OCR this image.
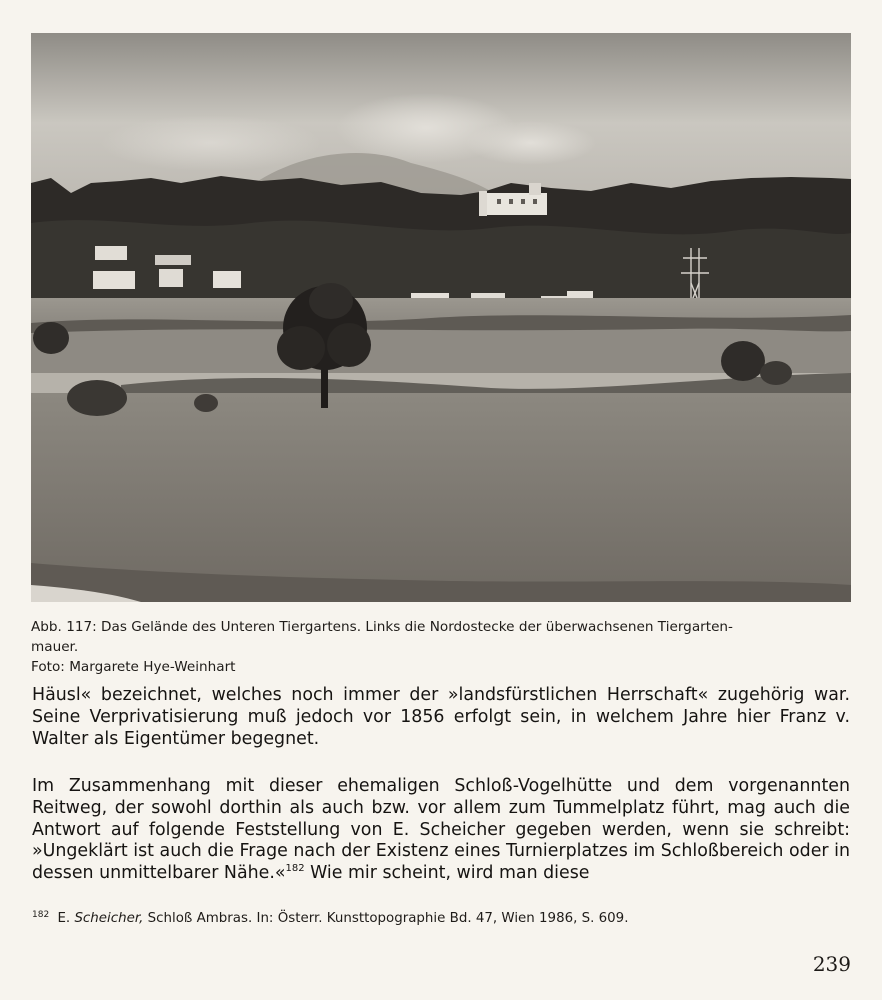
Abb. 117: Das Gelände des Unteren Tiergartens. Links die Nordostecke der überwachsenen Tiergarten-

mauer.

Foto: Margarete Hye-Weinhart

Häusl« bezeichnet, welches noch immer der »landsfürstlichen Herrschaft« zugehörig war. Seine Verprivatisierung muß jedoch vor 1856 erfolgt sein, in welchem Jahre hier Franz v. Walter als Eigentümer begegnet.

Im Zusammenhang mit dieser ehemaligen Schloß-Vogelhütte und dem vorgenannten Reitweg, der sowohl dorthin als auch bzw. vor allem zum Tummelplatz führt, mag auch die Antwort auf folgende Feststellung von E. Scheicher gegeben werden, wenn sie schreibt: »Ungeklärt ist auch die Frage nach der Existenz eines Turnierplatzes im Schloßbereich oder in dessen unmittelbarer Nähe.«$^{182}$ Wie mir scheint, wird man diese

$^{182}$ E. Scheicher, Schloß Ambras. In: Österr. Kunsttopographie Bd. 47, Wien 1986, S. 609.
239
